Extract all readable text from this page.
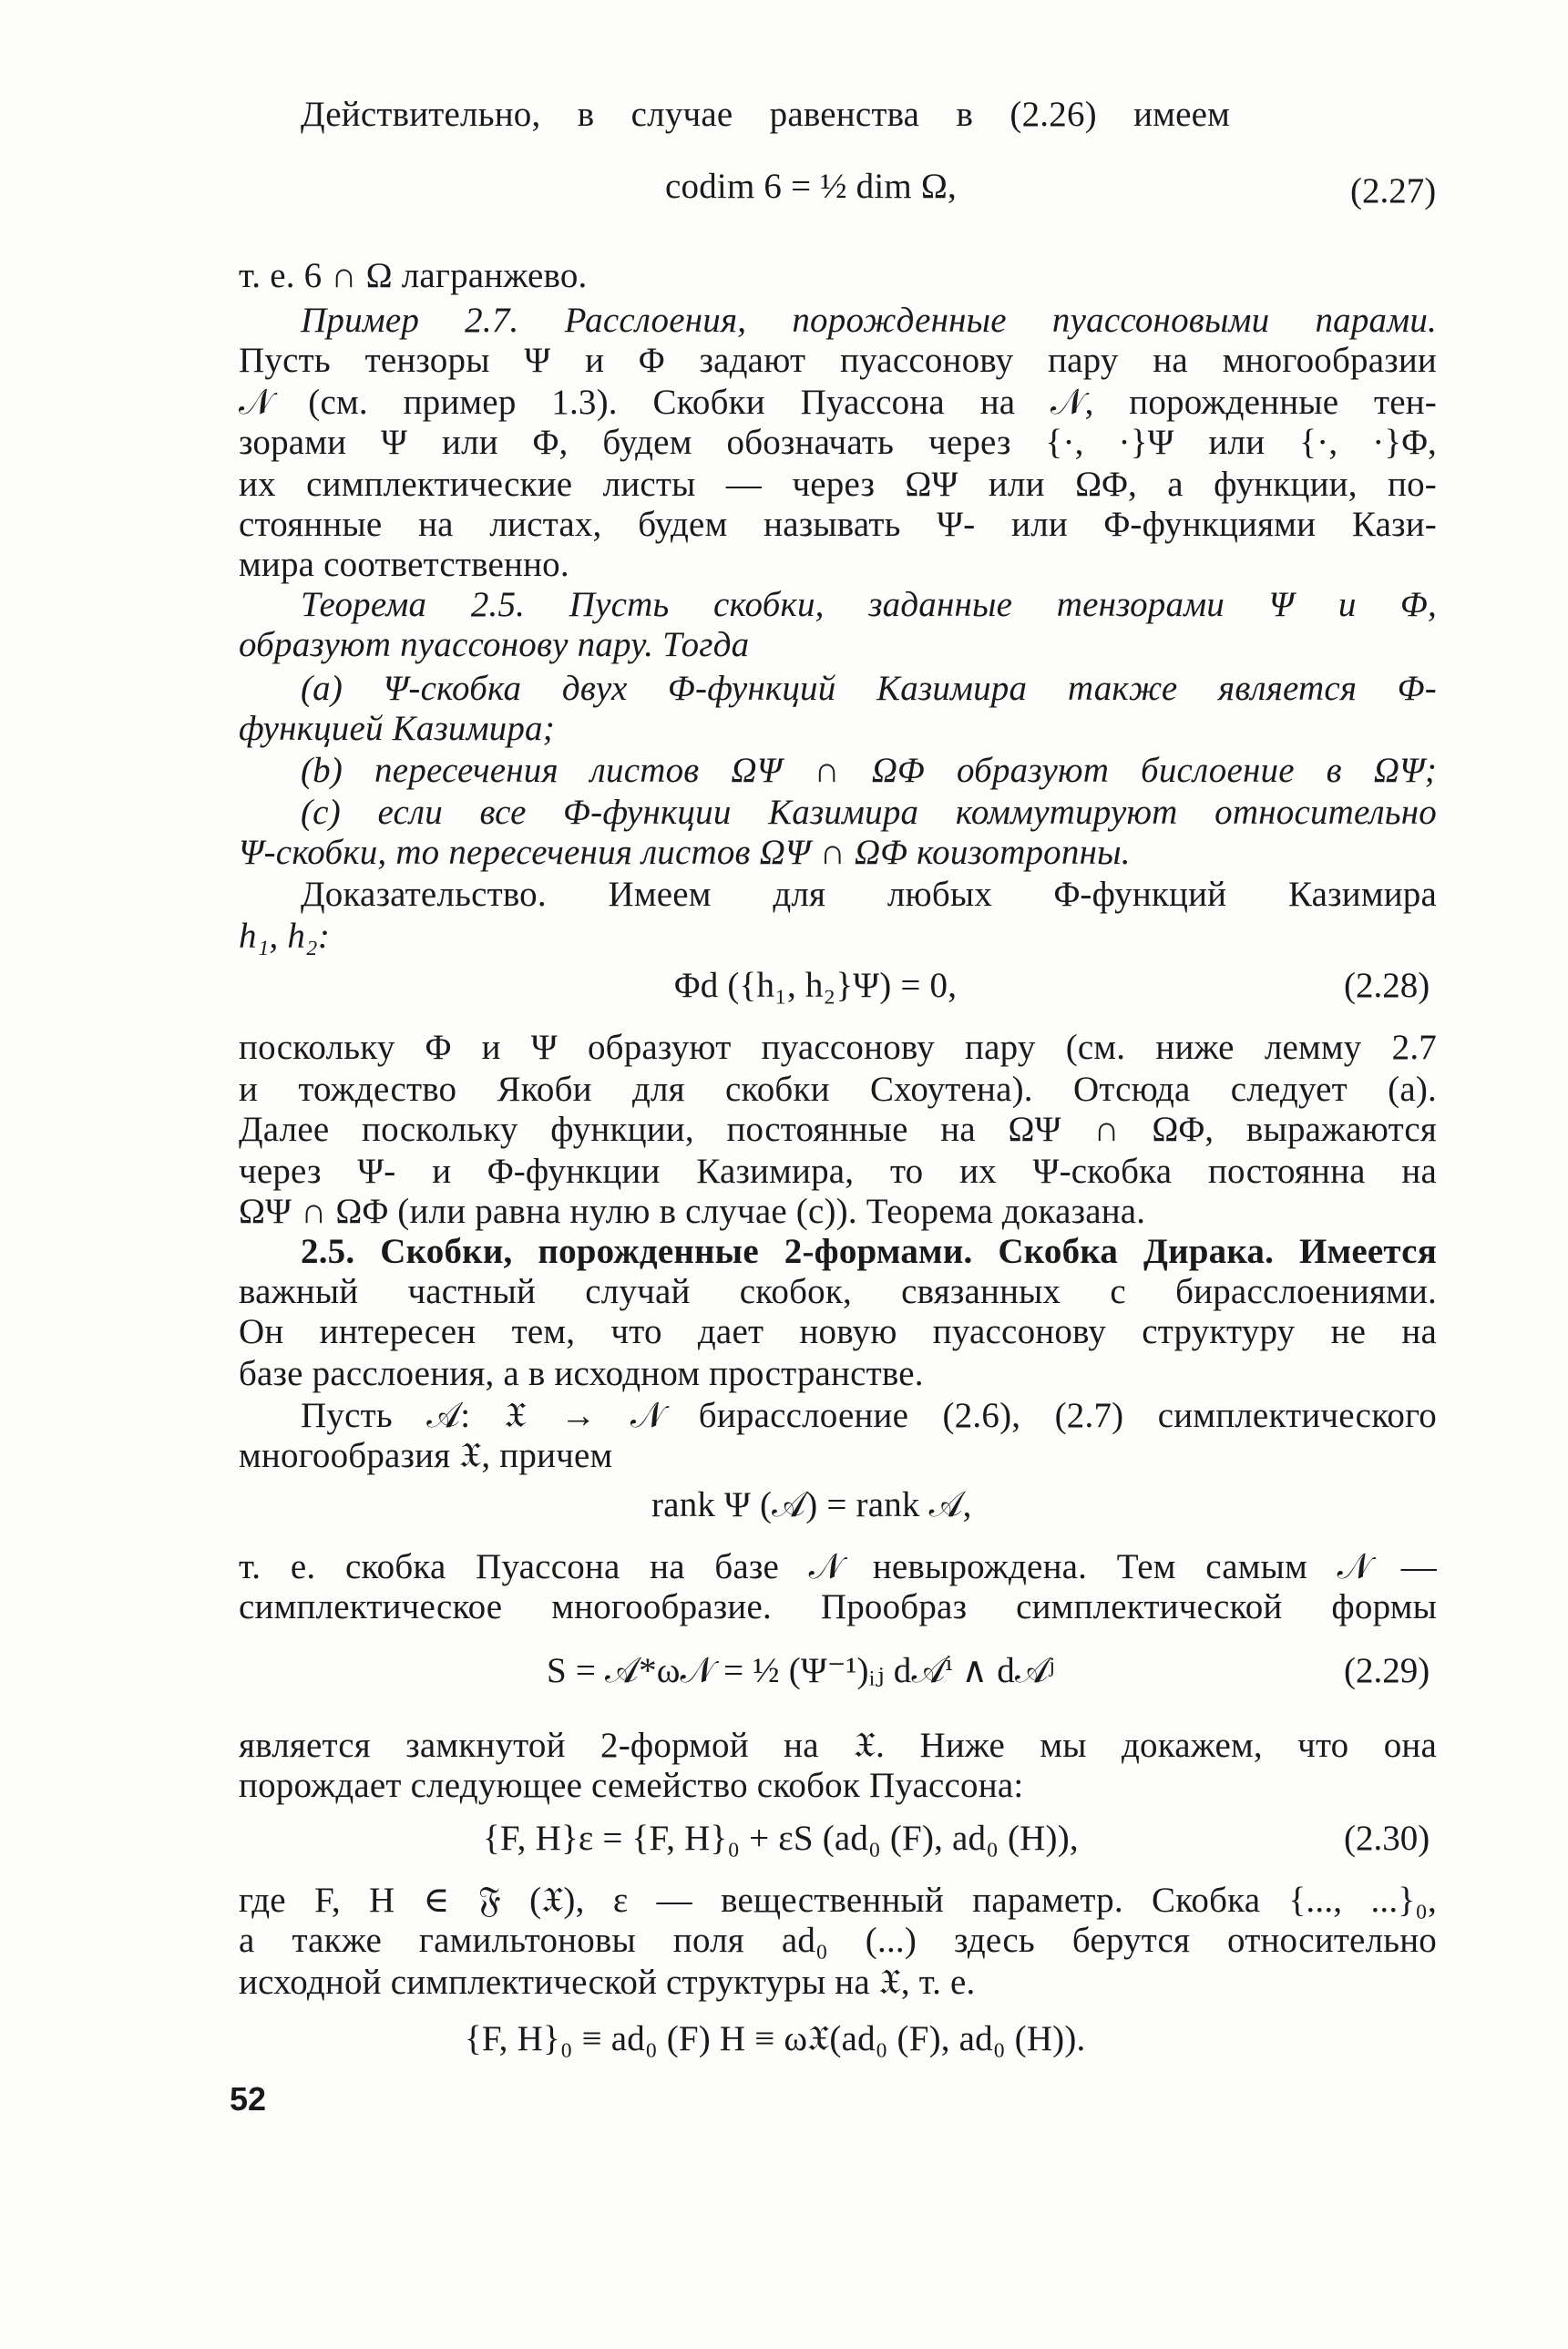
Действительно, в случае равенства в (2.26) имеем
codim 6 = ½ dim Ω,	(2.27)
т. е. 6 ∩ Ω лагранжево.
Пример 2.7. Расслоения, порожденные пуассоновыми парами.
Пусть тензоры Ψ и Φ задают пуассонову пару на многообразии
𝒩 (см. пример 1.3). Скобки Пуассона на 𝒩, порожденные тен-
зорами Ψ или Φ, будем обозначать через {·, ·}Ψ или {·, ·}Φ,
их симплектические листы — через ΩΨ или ΩΦ, а функции, по-
стоянные на листах, будем называть Ψ- или Φ-функциями Кази-
мира соответственно.
Теорема 2.5. Пусть скобки, заданные тензорами Ψ и Φ,
образуют пуассонову пару. Тогда
(a) Ψ-скобка двух Φ-функций Казимира также является Φ-
функцией Казимира;
(b) пересечения листов ΩΨ ∩ ΩΦ образуют бислоение в ΩΨ;
(c) если все Φ-функции Казимира коммутируют относительно
Ψ-скобки, то пересечения листов ΩΨ ∩ ΩΦ коизотропны.
Доказательство. Имеем для любых Φ-функций Казимира
h₁, h₂:
Φd ({h₁, h₂}Ψ) = 0,	(2.28)
поскольку Φ и Ψ образуют пуассонову пару (см. ниже лемму 2.7
и тождество Якоби для скобки Схоутена). Отсюда следует (a).
Далее поскольку функции, постоянные на ΩΨ ∩ ΩΦ, выражаются
через Ψ- и Φ-функции Казимира, то их Ψ-скобка постоянна на
ΩΨ ∩ ΩΦ (или равна нулю в случае (c)). Теорема доказана.
2.5. Скобки, порожденные 2-формами. Скобка Дирака. Имеется
важный частный случай скобок, связанных с бирасслоениями.
Он интересен тем, что дает новую пуассонову структуру не на
базе расслоения, а в исходном пространстве.
Пусть 𝒜: 𝔛 → 𝒩 бирасслоение (2.6), (2.7) симплектического
многообразия 𝔛, причем
rank Ψ (𝒜) = rank 𝒜,
т. е. скобка Пуассона на базе 𝒩 невырождена. Тем самым 𝒩 —
симплектическое многообразие. Прообраз симплектической формы
S = 𝒜*ω𝒩 = ½ (Ψ⁻¹)ᵢⱼ d𝒜ⁱ ∧ d𝒜ʲ	(2.29)
является замкнутой 2-формой на 𝔛. Ниже мы докажем, что она
порождает следующее семейство скобок Пуассона:
{F, H}ε = {F, H}₀ + εS (ad₀ (F), ad₀ (H)),	(2.30)
где F, H ∈ 𝔉 (𝔛), ε — вещественный параметр. Скобка {..., ...}₀,
а также гамильтоновы поля ad₀ (...) здесь берутся относительно
исходной симплектической структуры на 𝔛, т. е.
{F, H}₀ ≡ ad₀ (F) H ≡ ω𝔛(ad₀ (F), ad₀ (H)).
52
